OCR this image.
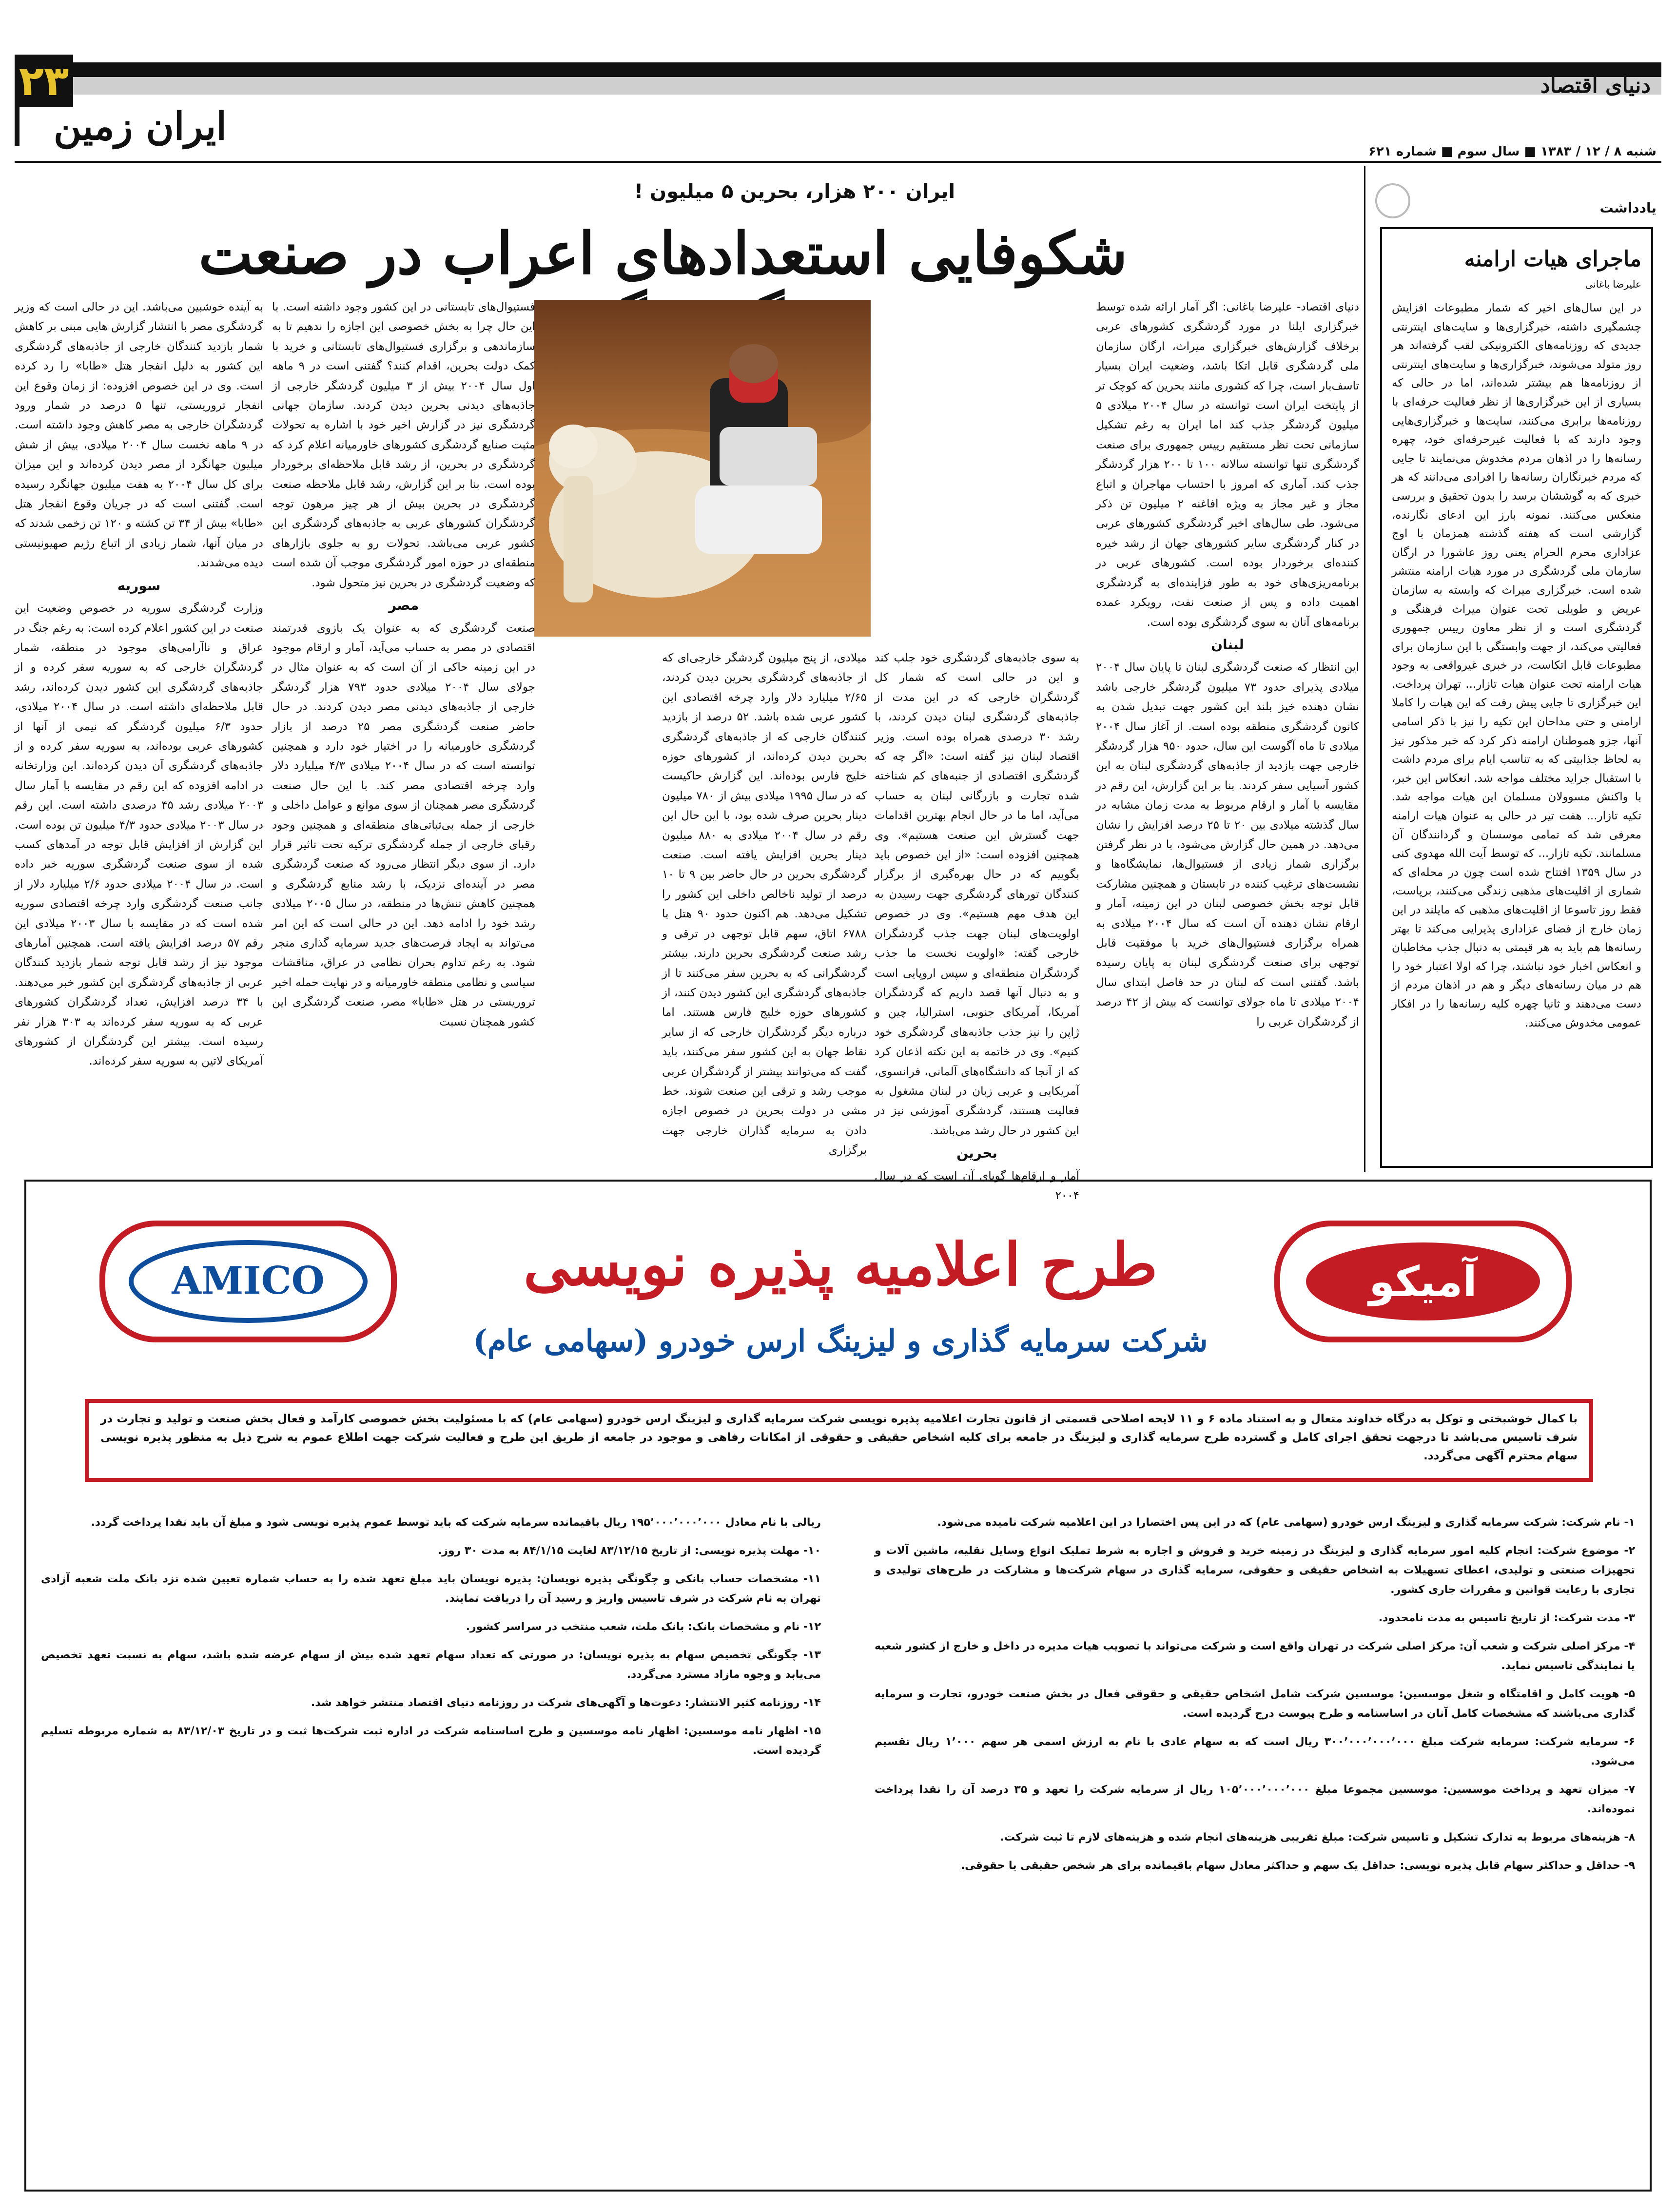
۲۳	دنیای اقتصاد
ایران زمین
شنبه ۸ / ۱۲ / ۱۳۸۳ ■ سال سوم ■ شماره ۶۲۱
یادداشت
ماجرای هیات ارامنه
علیرضا باغانی
در این سال‌های اخیر که شمار مطبوعات افزایش چشمگیری داشته، خبرگزاری‌ها و سایت‌های اینترنتی جدیدی که روزنامه‌های الکترونیکی لقب گرفته‌اند هر روز متولد می‌شوند، خبرگزاری‌ها و سایت‌های اینترنتی از روزنامه‌ها هم بیشتر شده‌اند، اما در حالی که بسیاری از این خبرگزاری‌ها از نظر فعالیت حرفه‌ای با روزنامه‌ها برابری می‌کنند، سایت‌ها و خبرگزاری‌هایی وجود دارند که با فعالیت غیرحرفه‌ای خود، چهره رسانه‌ها را در اذهان مردم مخدوش می‌نمایند تا جایی که مردم خبرنگاران رسانه‌ها را افرادی می‌دانند که هر خبری که به گوششان برسد را بدون تحقیق و بررسی منعکس می‌کنند. نمونه بارز این ادعای نگارنده، گزارشی است که هفته گذشته همزمان با اوج عزاداری محرم الحرام یعنی روز عاشورا در ارگان سازمان ملی گردشگری در مورد هیات ارامنه منتشر شده است. خبرگزاری میراث که وابسته به سازمان عریض و طویلی تحت عنوان میراث فرهنگی و گردشگری است و از نظر معاون رییس جمهوری فعالیتی می‌کند، از جهت وابستگی با این سازمان برای مطبوعات قابل اتکاست، در خبری غیرواقعی به وجود هیات ارامنه تحت عنوان هیات تازار... تهران پرداخت. این خبرگزاری تا جایی پیش رفت که این هیات را کاملا ارامنی و حتی مداحان این تکیه را نیز با ذکر اسامی آنها، جزو همو‌طنان ارامنه ذکر کرد که خبر مذکور نیز به لحاظ جذابیتی که به تناسب ایام برای مردم داشت با استقبال جراید مختلف مواجه شد. انعکاس این خبر، با واکنش مسوولان مسلمان این هیات مواجه شد. تکیه تازار... هفت تیر در حالی به عنوان هیات ارامنه معرفی شد که تمامی موسسان و گردانندگان آن مسلمانند. تکیه تازار... که توسط آیت الله مهدوی کنی در سال ۱۳۵۹ افتتاح شده است چون در محله‌ای که شماری از اقلیت‌های مذهبی زندگی می‌کنند، برپاست، فقط روز تاسوعا از اقلیت‌های مذهبی که مایلند در این زمان خارج از فضای عزاداری پذیرایی می‌کند تا بهتر رسانه‌ها هم باید به هر قیمتی به دنبال جذب مخاطبان و انعکاس اخبار خود نباشند، چرا که اولا اعتبار خود را هم در میان رسانه‌های دیگر و هم در اذهان مردم از دست می‌دهند و ثانیا چهره کلیه رسانه‌ها را در افکار عمومی مخدوش می‌کنند.
ایران ۲۰۰ هزار، بحرین ۵ میلیون !
شکوفایی استعدادهای اعراب در صنعت

دنیای اقتصاد- علیرضا باغانی: اگر آمار ارائه شده توسط خبرگزاری ایلنا در مورد گردشگری کشورهای عربی برخلاف گزارش‌های خبرگزاری میراث، ارگان سازمان ملی گردشگری قابل اتکا باشد، وضعیت ایران بسیار تاسف‌بار است، چرا که کشوری مانند بحرین که کوچک تر از پایتخت ایران است توانسته در سال ۲۰۰۴ میلادی ۵ میلیون گردشگر جذب کند اما ایران به رغم تشکیل سازمانی تحت نظر مستقیم رییس جمهوری برای صنعت گردشگری تنها توانسته سالانه ۱۰۰ تا ۲۰۰ هزار گردشگر جذب کند. آماری که امروز با احتساب مهاجران و اتباع مجاز و غیر مجاز به ویژه افاغنه ۲ میلیون تن ذکر می‌شود. طی سال‌های اخیر گردشگری کشورهای عربی در کنار گردشگری سایر کشورهای جهان از رشد خیره کننده‌ای برخوردار بوده است. کشورهای عربی در برنامه‌ریزی‌های خود به طور فزاینده‌ای به گردشگری اهمیت داده و پس از صنعت نفت، رویکرد عمده برنامه‌های آنان به سوی گردشگری بوده است.

لبنان

این انتظار که صنعت گردشگری لبنان تا پایان سال ۲۰۰۴ میلادی پذیرای حدود ۷۳ میلیون گردشگر خارجی باشد نشان دهنده خیز بلند این کشور جهت تبدیل شدن به کانون گردشگری منطقه بوده است. از آغاز سال ۲۰۰۴ میلادی تا ماه آگوست این سال، حدود ۹۵۰ هزار گردشگر خارجی جهت بازدید از جاذبه‌های گردشگری لبنان به این کشور آسیایی سفر کردند. بنا بر این گزارش، این رقم در مقایسه با آمار و ارقام مربوط به مدت زمان مشابه در سال گذشته میلادی بین ۲۰ تا ۲۵ درصد افزایش را نشان می‌دهد. در همین حال گزارش می‌شود، با در نظر گرفتن برگزاری شمار زیادی از فستیوال‌ها، نمایشگاه‌ها و نشست‌های ترغیب کننده در تابستان و همچنین مشارکت قابل توجه بخش خصوصی لبنان در این زمینه، آمار و ارقام نشان دهنده آن است که سال ۲۰۰۴ میلادی به همراه برگزاری فستیوال‌های خرید با موفقیت قابل توجهی برای صنعت گردشگری لبنان به پایان رسیده باشد. گفتنی است که لبنان در حد فاصل ابتدای سال ۲۰۰۴ میلادی تا ماه جولای توانست که بیش از ۴۲ درصد از گردشگران عربی را

به سوی جاذبه‌های گردشگری خود جلب کند و این در حالی است که شمار کل گردشگران خارجی که در این مدت از جاذبه‌های گردشگری لبنان دیدن کردند، با رشد ۳۰ درصدی همراه بوده است. وزیر اقتصاد لبنان نیز گفته است: «اگر چه که گردشگری اقتصادی از جنبه‌های کم شناخته شده تجارت و بازرگانی لبنان به حساب می‌آید، اما ما در حال انجام بهترین اقدامات جهت گسترش این صنعت هستیم». وی همچنین افزوده است: «از این خصوص باید بگوییم که در حال بهره‌گیری از برگزار کنندگان تورهای گردشگری جهت رسیدن به این هدف مهم هستیم». وی در خصوص اولویت‌های لبنان جهت جذب گردشگران خارجی گفته: «اولویت نخست ما جذب گردشگران منطقه‌ای و سپس اروپایی است و به دنبال آنها قصد داریم که گردشگران آمریکا، آمریکای جنوبی، استرالیا، چین و ژاپن را نیز جذب جاذبه‌های گردشگری خود کنیم». وی در خاتمه به این نکته اذعان کرد که از آنجا که دانشگاه‌های آلمانی، فرانسوی، آمریکایی و عربی زبان در لبنان مشغول به فعالیت هستند، گردشگری آموزشی نیز در این کشور در حال رشد می‌باشد.

بحرین

آمار و ارقام‌ها گویای آن است که در سال ۲۰۰۴

میلادی، از پنج میلیون گردشگر خارجی‌ای که از جاذبه‌های گردشگری بحرین دیدن کردند، ۲/۶۵ میلیارد دلار وارد چرخه اقتصادی این کشور عربی شده باشد. ۵۲ درصد از بازدید کنندگان خارجی که از جاذبه‌های گردشگری بحرین دیدن کرده‌اند، از کشورهای حوزه خلیج فارس بوده‌اند. این گزارش حاکیست که در سال ۱۹۹۵ میلادی بیش از ۷۸۰ میلیون دینار بحرین صرف شده بود، با این حال این رقم در سال ۲۰۰۴ میلادی به ۸۸۰ میلیون دینار بحرین افزایش یافته است. صنعت گردشگری بحرین در حال حاضر بین ۹ تا ۱۰ درصد از تولید ناخالص داخلی این کشور را تشکیل می‌دهد. هم اکنون حدود ۹۰ هتل با ۶۷۸۸ اتاق، سهم قابل توجهی در ترقی و رشد صنعت گردشگری بحرین دارند. بیشتر گردشگرانی که به بحرین سفر می‌کنند تا از جاذبه‌های گردشگری این کشور دیدن کنند، از کشورهای حوزه خلیج فارس هستند. اما درباره دیگر گردشگران خارجی که از سایر نقاط جهان به این کشور سفر می‌کنند، باید گفت که می‌توانند بیشتر از گردشگران عربی موجب رشد و ترقی این صنعت شوند. خط مشی در دولت بحرین در خصوص اجازه دادن به سرمایه گذاران خارجی جهت برگزاری

فستیوال‌های تابستانی در این کشور وجود داشته است. با این حال چرا به بخش خصوصی این اجازه را ندهیم تا به سازماندهی و برگزاری فستیوال‌های تابستانی و خرید با کمک دولت بحرین، اقدام کنند؟ گفتنی است در ۹ ماهه اول سال ۲۰۰۴ بیش از ۳ میلیون گردشگر خارجی از جاذبه‌های دیدنی بحرین دیدن کردند. سازمان جهانی گردشگری نیز در گزارش اخیر خود با اشاره به تحولات مثبت صنایع گردشگری کشورهای خاورمیانه اعلام کرد که گردشگری در بحرین، از رشد قابل ملاحظه‌ای برخوردار بوده است. بنا بر این گزارش، رشد قابل ملاحظه صنعت گردشگری در بحرین بیش از هر چیز مرهون توجه گردشگران کشورهای عربی به جاذبه‌های گردشگری این کشور عربی می‌باشد. تحولات رو به جلوی بازارهای منطقه‌ای در حوزه امور گردشگری موجب آن شده است که وضعیت گردشگری در بحرین نیز متحول شود.

مصر

صنعت گردشگری که به عنوان یک بازوی قدرتمند اقتصادی در مصر به حساب می‌آید، آمار و ارقام موجود در این زمینه حاکی از آن است که به عنوان مثال در جولای سال ۲۰۰۴ میلادی حدود ۷۹۳ هزار گردشگر خارجی از جاذبه‌های دیدنی مصر دیدن کردند. در حال حاضر صنعت گردشگری مصر ۲۵ درصد از بازار گردشگری خاورمیانه را در اختیار خود دارد و همچنین توانسته است که در سال ۲۰۰۴ میلادی ۴/۳ میلیارد دلار وارد چرخه اقتصادی مصر کند. با این حال صنعت گردشگری مصر همچنان از سوی موانع و عوامل داخلی و خارجی از جمله بی‌ثباتی‌های منطقه‌ای و همچنین وجود رقبای خارجی از جمله گردشگری ترکیه تحت تاثیر قرار دارد. از سوی دیگر انتظار می‌رود که صنعت گردشگری مصر در آینده‌ای نزدیک، با رشد منابع گردشگری و همچنین کاهش تنش‌ها در منطقه، در سال ۲۰۰۵ میلادی رشد خود را ادامه دهد. این در حالی است که این امر می‌تواند به ایجاد فرصت‌های جدید سرمایه گذاری منجر شود. به رغم تداوم بحران نظامی در عراق، مناقشات سیاسی و نظامی منطقه خاورمیانه و در نهایت حمله اخیر تروریستی در هتل «طابا» مصر، صنعت گردشگری این کشور همچنان نسبت

به آینده خوشبین می‌باشد. این در حالی است که وزیر گردشگری مصر با انتشار گزارش هایی مبنی بر کاهش شمار بازدید کنندگان خارجی از جاذبه‌های گردشگری این کشور به دلیل انفجار هتل «طابا» را رد کرده است. وی در این خصوص افزوده: از زمان وقوع این انفجار تروریستی، تنها ۵ درصد در شمار ورود گردشگران خارجی به مصر کاهش وجود داشته است. در ۹ ماهه نخست سال ۲۰۰۴ میلادی، بیش از شش میلیون جهانگرد از مصر دیدن کرده‌اند و این میزان برای کل سال ۲۰۰۴ به هفت میلیون جهانگرد رسیده است. گفتنی است که در جریان وقوع انفجار هتل «طابا» بیش از ۳۴ تن کشته و ۱۲۰ تن زخمی شدند که در میان آنها، شمار زیادی از اتباع رژیم صهیونیستی دیده می‌شدند.

سوریه

وزارت گردشگری سوریه در خصوص وضعیت این صنعت در این کشور اعلام کرده است: به رغم جنگ در عراق و ناآرامی‌های موجود در منطقه، شمار گردشگران خارجی که به سوریه سفر کرده و از جاذبه‌های گردشگری این کشور دیدن کرده‌اند، رشد قابل ملاحظه‌ای داشته است. در سال ۲۰۰۴ میلادی، حدود ۶/۳ میلیون گردشگر که نیمی از آنها از کشورهای عربی بوده‌اند، به سوریه سفر کرده و از جاذبه‌های گردشگری آن دیدن کرده‌اند. این وزارتخانه در ادامه افزوده که این رقم در مقایسه با آمار سال ۲۰۰۳ میلادی رشد ۴۵ درصدی داشته است. این رقم در سال ۲۰۰۳ میلادی حدود ۴/۳ میلیون تن بوده است. این گزارش از افزایش قابل توجه در آمدهای کسب شده از سوی صنعت گردشگری سوریه خبر داده است. در سال ۲۰۰۴ میلادی حدود ۲/۶ میلیارد دلار از جانب صنعت گردشگری وارد چرخه اقتصادی سوریه شده است که در مقایسه با سال ۲۰۰۳ میلادی این رقم ۵۷ درصد افزایش یافته است. همچنین آمارهای موجود نیز از رشد قابل توجه شمار بازدید کنندگان عربی از جاذبه‌های گردشگری این کشور خبر می‌دهند. با ۳۴ درصد افزایش، تعداد گردشگران کشورهای عربی که به سوریه سفر کرده‌اند به ۳۰۳ هزار نفر رسیده است. بیشتر این گردشگران از کشورهای آمریکای لاتین به سوریه سفر کرده‌اند.

AMICO	آمیکو
طرح اعلامیه پذیره نویسی
شرکت سرمایه گذاری و لیزینگ ارس خودرو (سهامی عام)
با کمال خوشبختی و توکل به درگاه خداوند متعال و به استناد ماده ۶ و ۱۱ لایحه اصلاحی قسمتی از قانون تجارت اعلامیه پذیره نویسی شرکت سرمایه گذاری و لیزینگ ارس خودرو (سهامی عام) که با مسئولیت بخش خصوصی کارآمد و فعال بخش صنعت و تولید و تجارت در شرف تاسیس می‌باشد تا درجهت تحقق اجرای کامل و گسترده طرح سرمایه گذاری و لیزینگ در جامعه برای کلیه اشخاص حقیقی و حقوقی از امکانات رفاهی و موجود در جامعه از طریق این طرح و فعالیت شرکت جهت اطلاع عموم به شرح ذیل به منظور پذیره نویسی سهام محترم آگهی می‌گردد.

۱- نام شرکت: شرکت سرمایه گذاری و لیزینگ ارس خودرو (سهامی عام) که در این پس اختصارا در این اعلامیه شرکت نامیده می‌شود.

۲- موضوع شرکت: انجام کلیه امور سرمایه گذاری و لیزینگ در زمینه خرید و فروش و اجاره به شرط تملیک انواع وسایل نقلیه، ماشین آلات و تجهیزات صنعتی و تولیدی، اعطای تسهیلات به اشخاص حقیقی و حقوقی، سرمایه گذاری در سهام شرکت‌ها و مشارکت در طرح‌های تولیدی و تجاری با رعایت قوانین و مقررات جاری کشور.

۳- مدت شرکت: از تاریخ تاسیس به مدت نامحدود.

۴- مرکز اصلی شرکت و شعب آن: مرکز اصلی شرکت در تهران واقع است و شرکت می‌تواند با تصویب هیات مدیره در داخل و خارج از کشور شعبه یا نمایندگی تاسیس نماید.

۵- هویت کامل و اقامتگاه و شغل موسسین: موسسین شرکت شامل اشخاص حقیقی و حقوقی فعال در بخش صنعت خودرو، تجارت و سرمایه گذاری می‌باشند که مشخصات کامل آنان در اساسنامه و طرح پیوست درج گردیده است.

۶- سرمایه شرکت: سرمایه شرکت مبلغ ۳۰۰٬۰۰۰٬۰۰۰٬۰۰۰ ریال است که به سهام عادی با نام به ارزش اسمی هر سهم ۱٬۰۰۰ ریال تقسیم می‌شود.

۷- میزان تعهد و پرداخت موسسین: موسسین مجموعا مبلغ ۱۰۵٬۰۰۰٬۰۰۰٬۰۰۰ ریال از سرمایه شرکت را تعهد و ۳۵ درصد آن را نقدا پرداخت نموده‌اند.

۸- هزینه‌های مربوط به تدارک تشکیل و تاسیس شرکت: مبلغ تقریبی هزینه‌های انجام شده و هزینه‌های لازم تا ثبت شرکت.

۹- حداقل و حداکثر سهام قابل پذیره نویسی: حداقل یک سهم و حداکثر معادل سهام باقیمانده برای هر شخص حقیقی یا حقوقی.

ریالی با نام معادل ۱۹۵٬۰۰۰٬۰۰۰٬۰۰۰ ریال باقیمانده سرمایه شرکت که باید توسط عموم پذیره نویسی شود و مبلغ آن باید نقدا پرداخت گردد.

۱۰- مهلت پذیره نویسی: از تاریخ ۸۳/۱۲/۱۵ لغایت ۸۴/۱/۱۵ به مدت ۳۰ روز.

۱۱- مشخصات حساب بانکی و چگونگی پذیره نویسان: پذیره نویسان باید مبلغ تعهد شده را به حساب شماره تعیین شده نزد بانک ملت شعبه آزادی تهران به نام شرکت در شرف تاسیس واریز و رسید آن را دریافت نمایند.

۱۲- نام و مشخصات بانک: بانک ملت، شعب منتخب در سراسر کشور.

۱۳- چگونگی تخصیص سهام به پذیره نویسان: در صورتی که تعداد سهام تعهد شده بیش از سهام عرضه شده باشد، سهام به نسبت تعهد تخصیص می‌یابد و وجوه مازاد مسترد می‌گردد.

۱۴- روزنامه کثیر الانتشار: دعوت‌ها و آگهی‌های شرکت در روزنامه دنیای اقتصاد منتشر خواهد شد.

۱۵- اظهار نامه موسسین: اظهار نامه موسسین و طرح اساسنامه شرکت در اداره ثبت شرکت‌ها ثبت و در تاریخ ۸۳/۱۲/۰۳ به شماره مربوطه تسلیم گردیده است.
